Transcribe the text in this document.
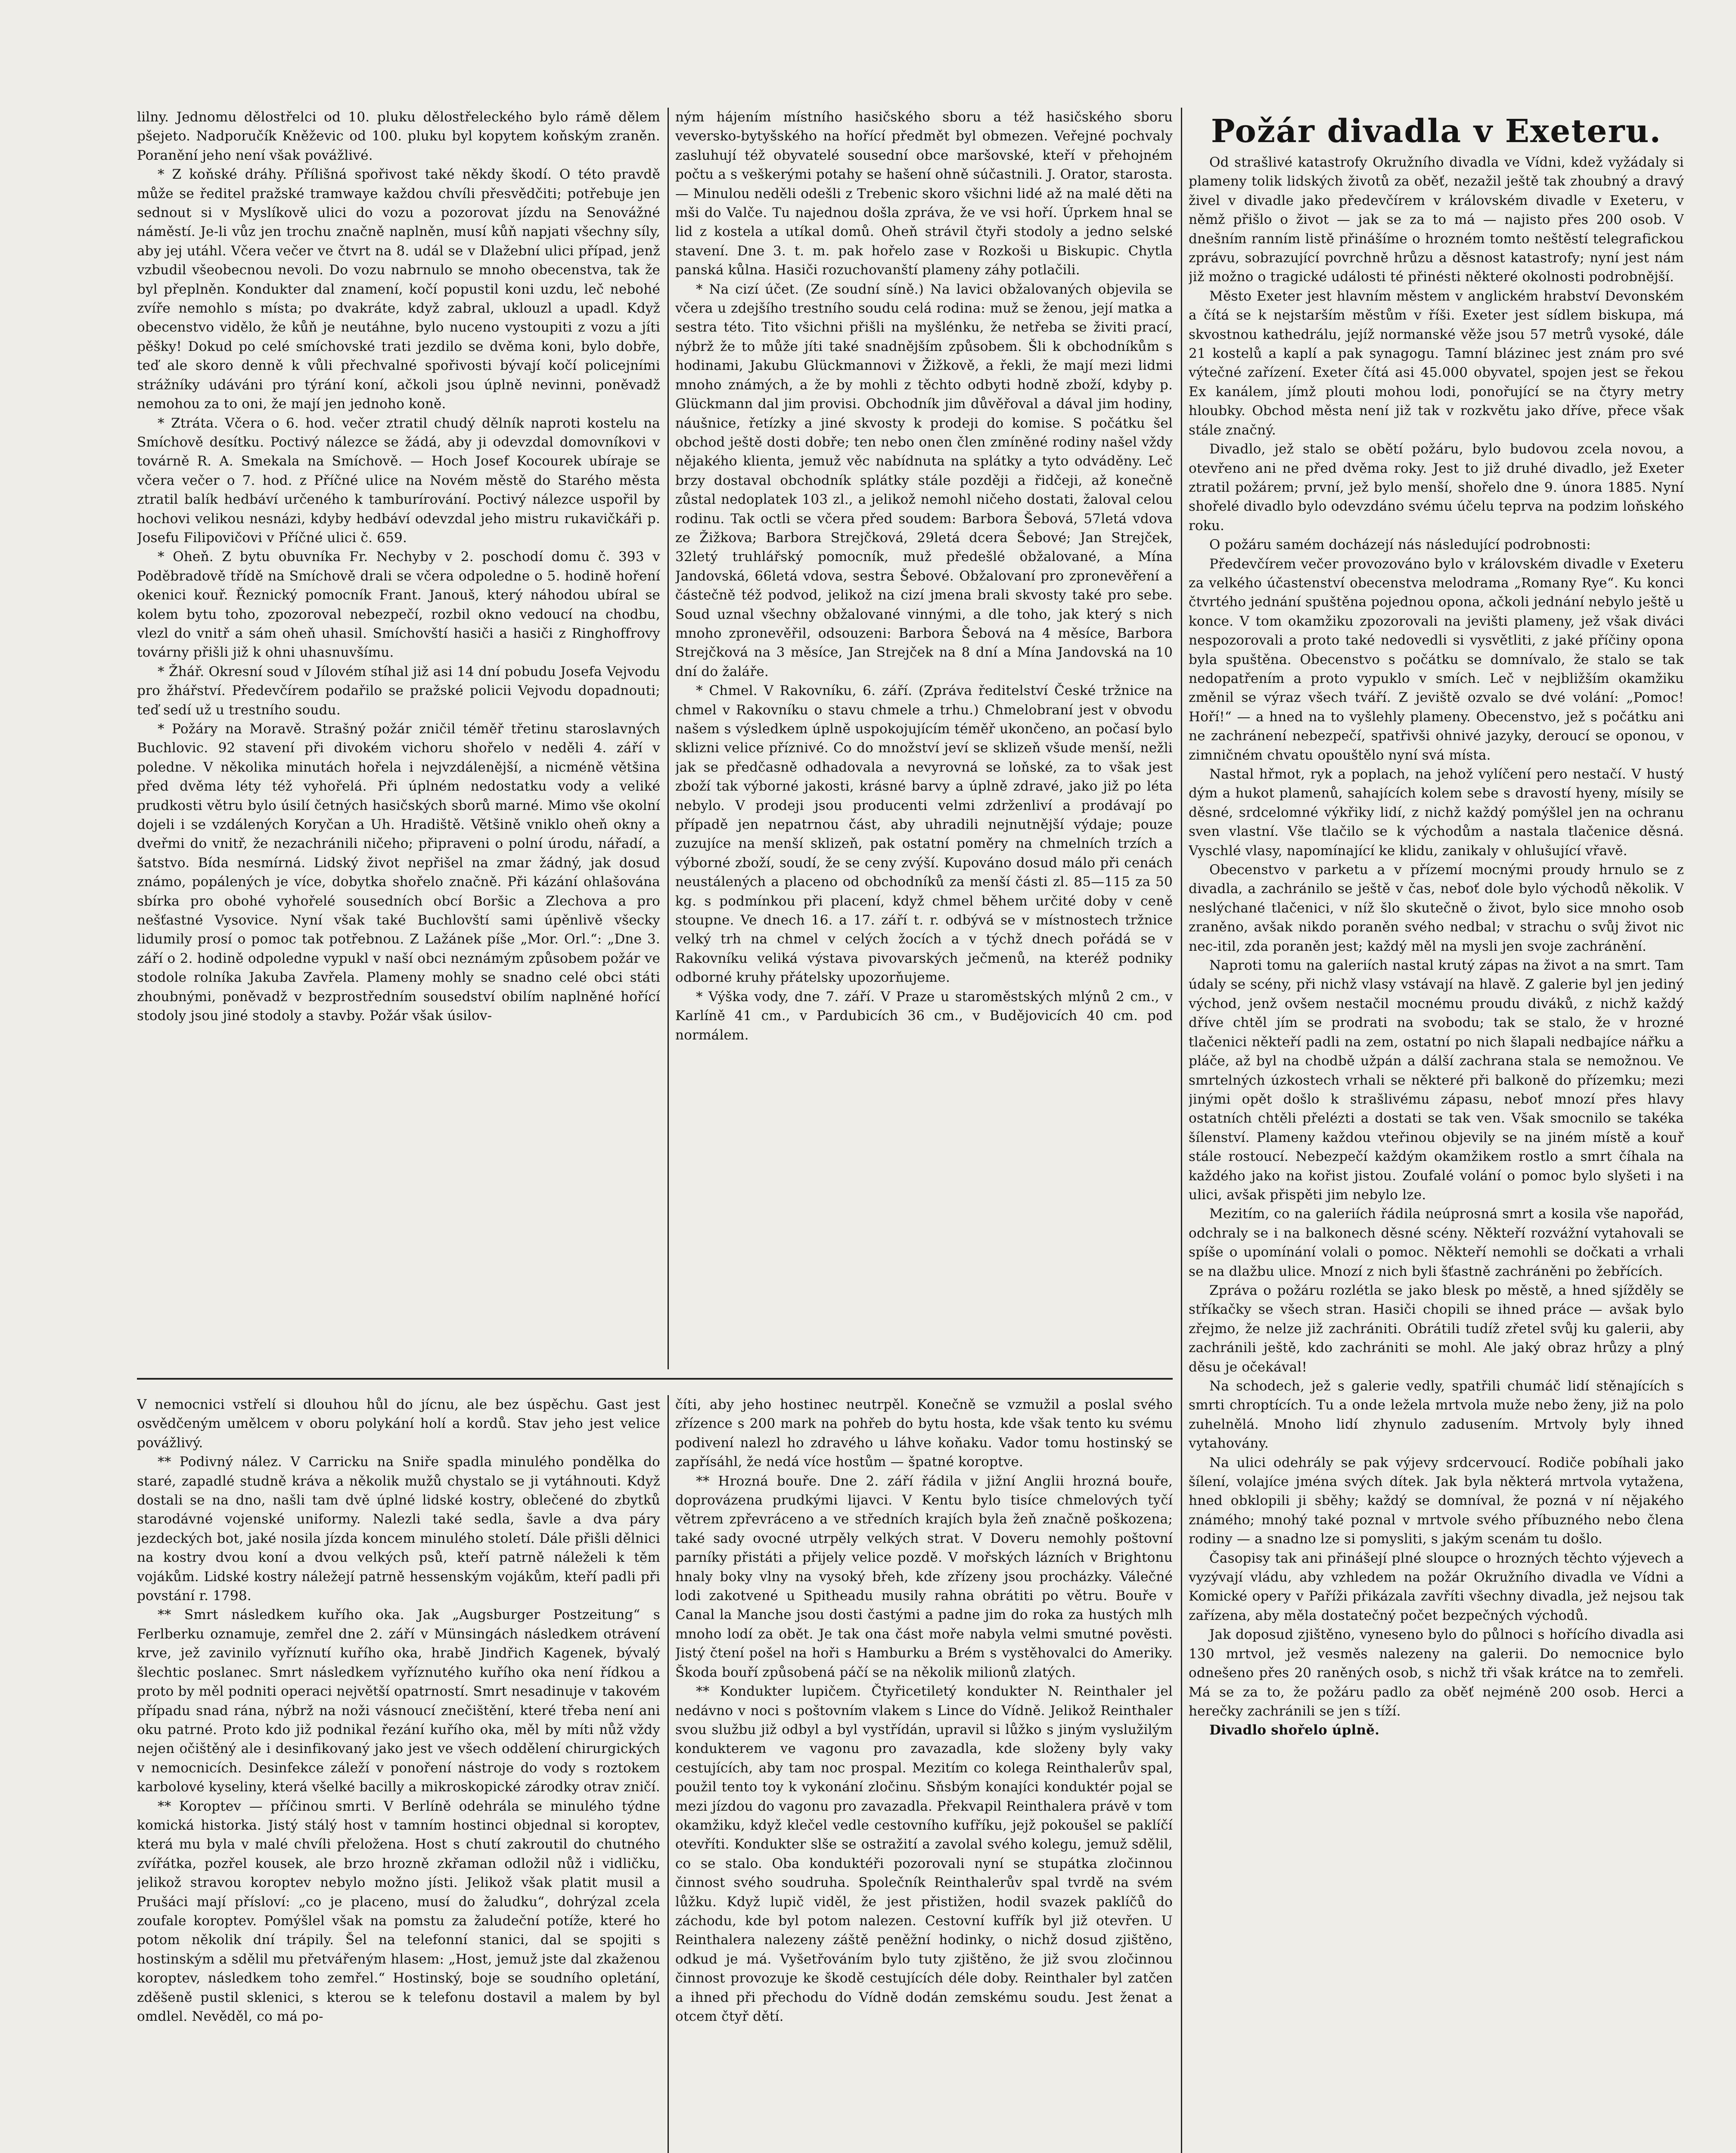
lilny. Jednomu dělostřelci od 10. pluku dělostřeleckého bylo rámě dělem pšejeto. Nadporučík Kněževic od 100. pluku byl kopytem koňským zraněn. Poranění jeho není však povážlivé.

* Z koňské dráhy. Přílišná spořivost také někdy škodí. O této pravdě může se ředitel pražské tramwaye každou chvíli přesvědčiti; potřebuje jen sednout si v Myslíkově ulici do vozu a pozorovat jízdu na Senovážné náměstí. Je-li vůz jen trochu značně naplněn, musí kůň napjati všechny síly, aby jej utáhl. Včera večer ve čtvrt na 8. udál se v Dlažební ulici případ, jenž vzbudil všeobecnou nevoli. Do vozu nabrnulo se mnoho obecenstva, tak že byl přeplněn. Kondukter dal znamení, kočí popustil koni uzdu, leč nebohé zvíře nemohlo s místa; po dvakráte, když zabral, uklouzl a upadl. Když obecenstvo vidělo, že kůň je neutáhne, bylo nuceno vystoupiti z vozu a jíti pěšky! Dokud po celé smíchovské trati jezdilo se dvěma koni, bylo dobře, teď ale skoro denně k vůli přechvalné spořivosti bývají kočí policejními strážníky udáváni pro týrání koní, ačkoli jsou úplně nevinni, poněvadž nemohou za to oni, že mají jen jednoho koně.

* Ztráta. Včera o 6. hod. večer ztratil chudý dělník naproti kostelu na Smíchově desítku. Poctivý nálezce se žádá, aby ji odevzdal domovníkovi v továrně R. A. Smekala na Smíchově. — Hoch Josef Kocourek ubíraje se včera večer o 7. hod. z Příčné ulice na Novém městě do Starého města ztratil balík hedbáví určeného k tamburírování. Poctivý nálezce uspořil by hochovi velikou nesnázi, kdyby hedbáví odevzdal jeho mistru rukavičkáři p. Josefu Filipovičovi v Příčné ulici č. 659.

* Oheň. Z bytu obuvníka Fr. Nechyby v 2. poschodí domu č. 393 v Poděbradově třídě na Smíchově drali se včera odpoledne o 5. hodině hoření okenici kouř. Řeznický pomocník Frant. Janouš, který náhodou ubíral se kolem bytu toho, zpozoroval nebezpečí, rozbil okno vedoucí na chodbu, vlezl do vnitř a sám oheň uhasil. Smíchovští hasiči a hasiči z Ringhoffrovy továrny přišli již k ohni uhasnuvšímu.

* Žhář. Okresní soud v Jílovém stíhal již asi 14 dní pobudu Josefa Vejvodu pro žhářství. Předevčírem podařilo se pražské policii Vejvodu dopadnouti; teď sedí už u trestního soudu.

* Požáry na Moravě. Strašný požár zničil téměř třetinu staroslavných Buchlovic. 92 stavení při divokém vichoru shořelo v neděli 4. září v poledne. V několika minutách hořela i nejvzdálenější, a nicméně většina před dvěma léty též vyhořelá. Při úplném nedostatku vody a veliké prudkosti větru bylo úsilí četných hasičských sborů marné. Mimo vše okolní dojeli i se vzdálených Koryčan a Uh. Hradiště. Většině vniklo oheň okny a dveřmi do vnitř, že nezachránili ničeho; připraveni o polní úrodu, nářadí, a šatstvo. Bída nesmírná. Lidský život nepřišel na zmar žádný, jak dosud známo, popálených je více, dobytka shořelo značně. Při kázání ohlašována sbírka pro obohé vyhořelé sousedních obcí Boršic a Zlechova a pro nešťastné Vysovice. Nyní však také Buchlovští sami úpěnlivě všecky lidumily prosí o pomoc tak potřebnou. Z Lažánek píše „Mor. Orl.“: „Dne 3. září o 2. hodině odpoledne vypukl v naší obci neznámým způsobem požár ve stodole rolníka Jakuba Zavřela. Plameny mohly se snadno celé obci státi zhoubnými, poněvadž v bezprostředním sousedství obilím naplněné hořící stodoly jsou jiné stodoly a stavby. Požár však úsilov-

ným hájením místního hasičského sboru a též hasičského sboru veversko-bytyšského na hořící předmět byl obmezen. Veřejné pochvaly zasluhují též obyvatelé sousední obce maršovské, kteří v přehojném počtu a s veškerými potahy se hašení ohně súčastnili. J. Orator, starosta. — Minulou neděli odešli z Trebenic skoro všichni lidé až na malé děti na mši do Valče. Tu najednou došla zpráva, že ve vsi hoří. Úprkem hnal se lid z kostela a utíkal domů. Oheň strávil čtyři stodoly a jedno selské stavení. Dne 3. t. m. pak hořelo zase v Rozkoši u Biskupic. Chytla panská kůlna. Hasiči rozuchovanští plameny záhy potlačili.

* Na cizí účet. (Ze soudní síně.) Na lavici obžalovaných objevila se včera u zdejšího trestního soudu celá rodina: muž se ženou, její matka a sestra této. Tito všichni přišli na myšlénku, že netřeba se živiti prací, nýbrž že to může jíti také snadnějším způsobem. Šli k obchodníkům s hodinami, Jakubu Glückmannovi v Žižkově, a řekli, že mají mezi lidmi mnoho známých, a že by mohli z těchto odbyti hodně zboží, kdyby p. Glückmann dal jim provisi. Obchodník jim důvěřoval a dával jim hodiny, náušnice, řetízky a jiné skvosty k prodeji do komise. S počátku šel obchod ještě dosti dobře; ten nebo onen člen zmíněné rodiny našel vždy nějakého klienta, jemuž věc nabídnuta na splátky a tyto odváděny. Leč brzy dostaval obchodník splátky stále později a řidčeji, až konečně zůstal nedoplatek 103 zl., a jelikož nemohl ničeho dostati, žaloval celou rodinu. Tak octli se včera před soudem: Barbora Šebová, 57letá vdova ze Žižkova; Barbora Strejčková, 29letá dcera Šebové; Jan Strejček, 32letý truhlářský pomocník, muž předešlé obžalované, a Mína Jandovská, 66letá vdova, sestra Šebové. Obžalovaní pro zpronevěření a částečně též podvod, jelikož na cizí jmena brali skvosty také pro sebe. Soud uznal všechny obžalované vinnými, a dle toho, jak který s nich mnoho zpronevěřil, odsouzeni: Barbora Šebová na 4 měsíce, Barbora Strejčková na 3 měsíce, Jan Strejček na 8 dní a Mína Jandovská na 10 dní do žaláře.

* Chmel. V Rakovníku, 6. září. (Zpráva ředitelství České tržnice na chmel v Rakovníku o stavu chmele a trhu.) Chmelobraní jest v obvodu našem s výsledkem úplně uspokojujícím téměř ukončeno, an počasí bylo sklizni velice příznivé. Co do množství jeví se sklizeň všude menší, nežli jak se předčasně odhadovala a nevyrovná se loňské, za to však jest zboží tak výborné jakosti, krásné barvy a úplně zdravé, jako již po léta nebylo. V prodeji jsou producenti velmi zdrženliví a prodávají po případě jen nepatrnou část, aby uhradili nejnutnější výdaje; pouze zuzujíce na menší sklizeň, pak ostatní poměry na chmelních trzích a výborné zboží, soudí, že se ceny zvýší. Kupováno dosud málo při cenách neustálených a placeno od obchodníků za menší části zl. 85—115 za 50 kg. s podmínkou při placení, když chmel během určité doby v ceně stoupne. Ve dnech 16. a 17. září t. r. odbývá se v místnostech tržnice velký trh na chmel v celých žocích a v týchž dnech pořádá se v Rakovníku veliká výstava pivovarských ječmenů, na kteréž podniky odborné kruhy přátelsky upozorňujeme.

* Výška vody, dne 7. září. V Praze u staroměstských mlýnů 2 cm., v Karlíně 41 cm., v Pardubicích 36 cm., v Budějovicích 40 cm. pod normálem.

V nemocnici vstřelí si dlouhou hůl do jícnu, ale bez úspěchu. Gast jest osvědčeným umělcem v oboru polykání holí a kordů. Stav jeho jest velice povážlivý.

** Podivný nález. V Carricku na Sniře spadla minulého pondělka do staré, zapadlé studně kráva a několik mužů chystalo se ji vytáhnouti. Když dostali se na dno, našli tam dvě úplné lidské kostry, oblečené do zbytků starodávné vojenské uniformy. Nalezli také sedla, šavle a dva páry jezdeckých bot, jaké nosila jízda koncem minulého století. Dále přišli dělnici na kostry dvou koní a dvou velkých psů, kteří patrně náleželi k těm vojákům. Lidské kostry náležejí patrně hessenským vojákům, kteří padli při povstání r. 1798.

** Smrt následkem kuřího oka. Jak „Augsburger Postzeitung“ s Ferlberku oznamuje, zemřel dne 2. září v Münsingách následkem otrávení krve, jež zavinilo vyříznutí kuřího oka, hrabě Jindřich Kagenek, bývalý šlechtic poslanec. Smrt následkem vyříznutého kuřího oka není řídkou a proto by měl podniti operaci největší opatrností. Smrt nesadinuje v takovém případu snad rána, nýbrž na noži vásnoucí znečištění, které třeba není ani oku patrné. Proto kdo již podnikal řezání kuřího oka, měl by míti nůž vždy nejen očištěný ale i desinfikovaný jako jest ve všech oddělení chirurgických v nemocnicích. Desinfekce záleží v ponoření nástroje do vody s roztokem karbolové kyseliny, která všelké bacilly a mikroskopické zárodky otrav zničí.

** Koroptev — příčinou smrti. V Berlíně odehrála se minulého týdne komická historka. Jistý stálý host v tamním hostinci objednal si koroptev, která mu byla v malé chvíli přeložena. Host s chutí zakroutil do chutného zvířátka, pozřel kousek, ale brzo hrozně zkřaman odložil nůž i vidličku, jelikož stravou koroptev nebylo možno jísti. Jelikož však platit musil a Prušáci mají přísloví: „co je placeno, musí do žaludku“, dohrýzal zcela zoufale koroptev. Pomýšlel však na pomstu za žaludeční potíže, které ho potom několik dní trápily. Šel na telefonní stanici, dal se spojiti s hostinským a sdělil mu přetvářeným hlasem: „Host, jemuž jste dal zkaženou koroptev, následkem toho zemřel.“ Hostinský, boje se soudního opletání, zděšeně pustil sklenici, s kterou se k telefonu dostavil a malem by byl omdlel. Nevěděl, co má po-

číti, aby jeho hostinec neutrpěl. Konečně se vzmužil a poslal svého zřízence s 200 mark na pohřeb do bytu hosta, kde však tento ku svému podivení nalezl ho zdravého u láhve koňaku. Vador tomu hostinský se zapřísáhl, že nedá více hostům — špatné koroptve.

** Hrozná bouře. Dne 2. září řádila v jižní Anglii hrozná bouře, doprovázena prudkými lijavci. V Kentu bylo tisíce chmelových tyčí větrem zpřevráceno a ve středních krajích byla žeň značně poškozena; také sady ovocné utrpěly velkých strat. V Doveru nemohly poštovní parníky přistáti a přijely velice pozdě. V mořských lázních v Brightonu hnaly boky vlny na vysoký břeh, kde zřízeny jsou procházky. Válečné lodi zakotvené u Spitheadu musily rahna obrátiti po větru. Bouře v Canal la Manche jsou dosti častými a padne jim do roka za hustých mlh mnoho lodí za obět. Je tak ona část moře nabyla velmi smutné pověsti. Jistý čtení pošel na hoři s Hamburku a Brém s vystěhovalci do Ameriky. Škoda bouří způsobená páčí se na několik milionů zlatých.

** Kondukter lupičem. Čtyřicetiletý kondukter N. Reinthaler jel nedávno v noci s poštovním vlakem s Lince do Vídně. Jelikož Reinthaler svou službu již odbyl a byl vystřídán, upravil si lůžko s jiným vyslužilým kondukterem ve vagonu pro zavazadla, kde složeny byly vaky cestujících, aby tam noc prospal. Mezitím co kolega Reinthalerův spal, použil tento toy k vykonání zločinu. Sňsbým konajíci konduktér pojal se mezi jízdou do vagonu pro zavazadla. Překvapil Reinthalera právě v tom okamžiku, když klečel vedle cestovního kufříku, jejž pokoušel se paklíčí otevříti. Kondukter slše se ostražití a zavolal svého kolegu, jemuž sdělil, co se stalo. Oba konduktéři pozorovali nyní se stupátka zločinnou činnost svého soudruha. Společník Reinthalerův spal tvrdě na svém lůžku. Když lupič viděl, že jest přistižen, hodil svazek paklíčů do záchodu, kde byl potom nalezen. Cestovní kufřík byl již otevřen. U Reinthalera nalezeny záště peněžní hodinky, o nichž dosud zjištěno, odkud je má. Vyšetřováním bylo tuty zjištěno, že již svou zločinnou činnost provozuje ke škodě cestujících déle doby. Reinthaler byl zatčen a ihned při přechodu do Vídně dodán zemskému soudu. Jest ženat a otcem čtyř dětí.

Požár divadla v Exeteru.

Od strašlivé katastrofy Okružního divadla ve Vídni, kdež vyžádaly si plameny tolik lidských životů za oběť, nezažil ještě tak zhoubný a dravý živel v divadle jako předevčírem v královském divadle v Exeteru, v němž přišlo o život — jak se za to má — najisto přes 200 osob. V dnešním ranním listě přinášíme o hrozném tomto neštěstí telegrafickou zprávu, sobrazující povrchně hrůzu a děsnost katastrofy; nyní jest nám již možno o tragické události té přinésti některé okolnosti podrobnější.

Město Exeter jest hlavním městem v anglickém hrabství Devonském a čítá se k nejstarším městům v říši. Exeter jest sídlem biskupa, má skvostnou kathedrálu, jejíž normanské věže jsou 57 metrů vysoké, dále 21 kostelů a kaplí a pak synagogu. Tamní blázinec jest znám pro své výtečné zařízení. Exeter čítá asi 45.000 obyvatel, spojen jest se řekou Ex kanálem, jímž plouti mohou lodi, ponořující se na čtyry metry hloubky. Obchod města není již tak v rozkvětu jako dříve, přece však stále značný.

Divadlo, jež stalo se obětí požáru, bylo budovou zcela novou, a otevřeno ani ne před dvěma roky. Jest to již druhé divadlo, jež Exeter ztratil požárem; první, jež bylo menší, shořelo dne 9. února 1885. Nyní shořelé divadlo bylo odevzdáno svému účelu teprva na podzim loňského roku.

O požáru samém docházejí nás následující podrobnosti:

Předevčírem večer provozováno bylo v královském divadle v Exeteru za velkého účastenství obecenstva melodrama „Romany Rye“. Ku konci čtvrtého jednání spuštěna pojednou opona, ačkoli jednání nebylo ještě u konce. V tom okamžiku zpozorovali na jevišti plameny, jež však diváci nespozorovali a proto také nedovedli si vysvětliti, z jaké příčiny opona byla spuštěna. Obecenstvo s počátku se domnívalo, že stalo se tak nedopatřením a proto vypuklo v smích. Leč v nejbližším okamžiku změnil se výraz všech tváří. Z jeviště ozvalo se dvé volání: „Pomoc! Hoří!“ — a hned na to vyšlehly plameny. Obecenstvo, jež s počátku ani ne zachránení nebezpečí, spatřivši ohnivé jazyky, deroucí se oponou, v zimničném chvatu opouštělo nyní svá místa.

Nastal hřmot, ryk a poplach, na jehož vylíčení pero nestačí. V hustý dým a hukot plamenů, sahajících kolem sebe s dravostí hyeny, mísily se děsné, srdcelomné výkřiky lidí, z nichž každý pomýšlel jen na ochranu sven vlastní. Vše tlačilo se k východům a nastala tlačenice děsná. Vyschlé vlasy, napomínající ke klidu, zanikaly v ohlušující vřavě.

Obecenstvo v parketu a v přízemí mocnými proudy hrnulo se z divadla, a zachránilo se ještě v čas, neboť dole bylo východů několik. V neslýchané tlačenici, v níž šlo skutečně o život, bylo sice mnoho osob zraněno, avšak nikdo poraněn svého nedbal; v strachu o svůj život nic nec-itil, zda poraněn jest; každý měl na mysli jen svoje zachránění.

Naproti tomu na galeriích nastal krutý zápas na život a na smrt. Tam údaly se scény, při nichž vlasy vstávají na hlavě. Z galerie byl jen jediný východ, jenž ovšem nestačil mocnému proudu diváků, z nichž každý dříve chtěl jím se prodrati na svobodu; tak se stalo, že v hrozné tlačenici někteří padli na zem, ostatní po nich šlapali nedbajíce nářku a pláče, až byl na chodbě užpán a dálší zachrana stala se nemožnou. Ve smrtelných úzkostech vrhali se některé při balkoně do přízemku; mezi jinými opět došlo k strašlivému zápasu, neboť mnozí přes hlavy ostatních chtěli přelézti a dostati se tak ven. Však smocnilo se takéka šílenství. Plameny každou vteřinou objevily se na jiném místě a kouř stále rostoucí. Nebezpečí každým okamžikem rostlo a smrt číhala na každého jako na kořist jistou. Zoufalé volání o pomoc bylo slyšeti i na ulici, avšak přispěti jim nebylo lze.

Mezitím, co na galeriích řádila neúprosná smrt a kosila vše napořád, odchraly se i na balkonech děsné scény. Někteří rozvážní vytahovali se spíše o upomínání volali o pomoc. Někteří nemohli se dočkati a vrhali se na dlažbu ulice. Mnozí z nich byli šťastně zachráněni po žebřících.

Zpráva o požáru rozlétla se jako blesk po městě, a hned sjížděly se stříkačky se všech stran. Hasiči chopili se ihned práce — avšak bylo zřejmo, že nelze již zachrániti. Obrátili tudíž zřetel svůj ku galerii, aby zachránili ještě, kdo zachrániti se mohl. Ale jaký obraz hrůzy a plný děsu je očekával!

Na schodech, jež s galerie vedly, spatřili chumáč lidí stěnajících s smrti chroptících. Tu a onde ležela mrtvola muže nebo ženy, již na polo zuhelnělá. Mnoho lidí zhynulo zadusením. Mrtvoly byly ihned vytahovány.

Na ulici odehrály se pak výjevy srdcervoucí. Rodiče pobíhali jako šílení, volajíce jména svých dítek. Jak byla některá mrtvola vytažena, hned obklopili ji sběhy; každý se domníval, že pozná v ní nějakého známého; mnohý také poznal v mrtvole svého příbuzného nebo člena rodiny — a snadno lze si pomysliti, s jakým scenám tu došlo.

Časopisy tak ani přinášejí plné sloupce o hrozných těchto výjevech a vyzývají vládu, aby vzhledem na požár Okružního divadla ve Vídni a Komické opery v Paříži přikázala zavříti všechny divadla, jež nejsou tak zařízena, aby měla dostatečný počet bezpečných východů.

Jak doposud zjištěno, vyneseno bylo do půlnoci s hořícího divadla asi 130 mrtvol, jež vesměs nalezeny na galerii. Do nemocnice bylo odnešeno přes 20 raněných osob, s nichž tři však krátce na to zemřeli. Má se za to, že požáru padlo za oběť nejméně 200 osob. Herci a herečky zachránili se jen s tíží.

Divadlo shořelo úplně.
